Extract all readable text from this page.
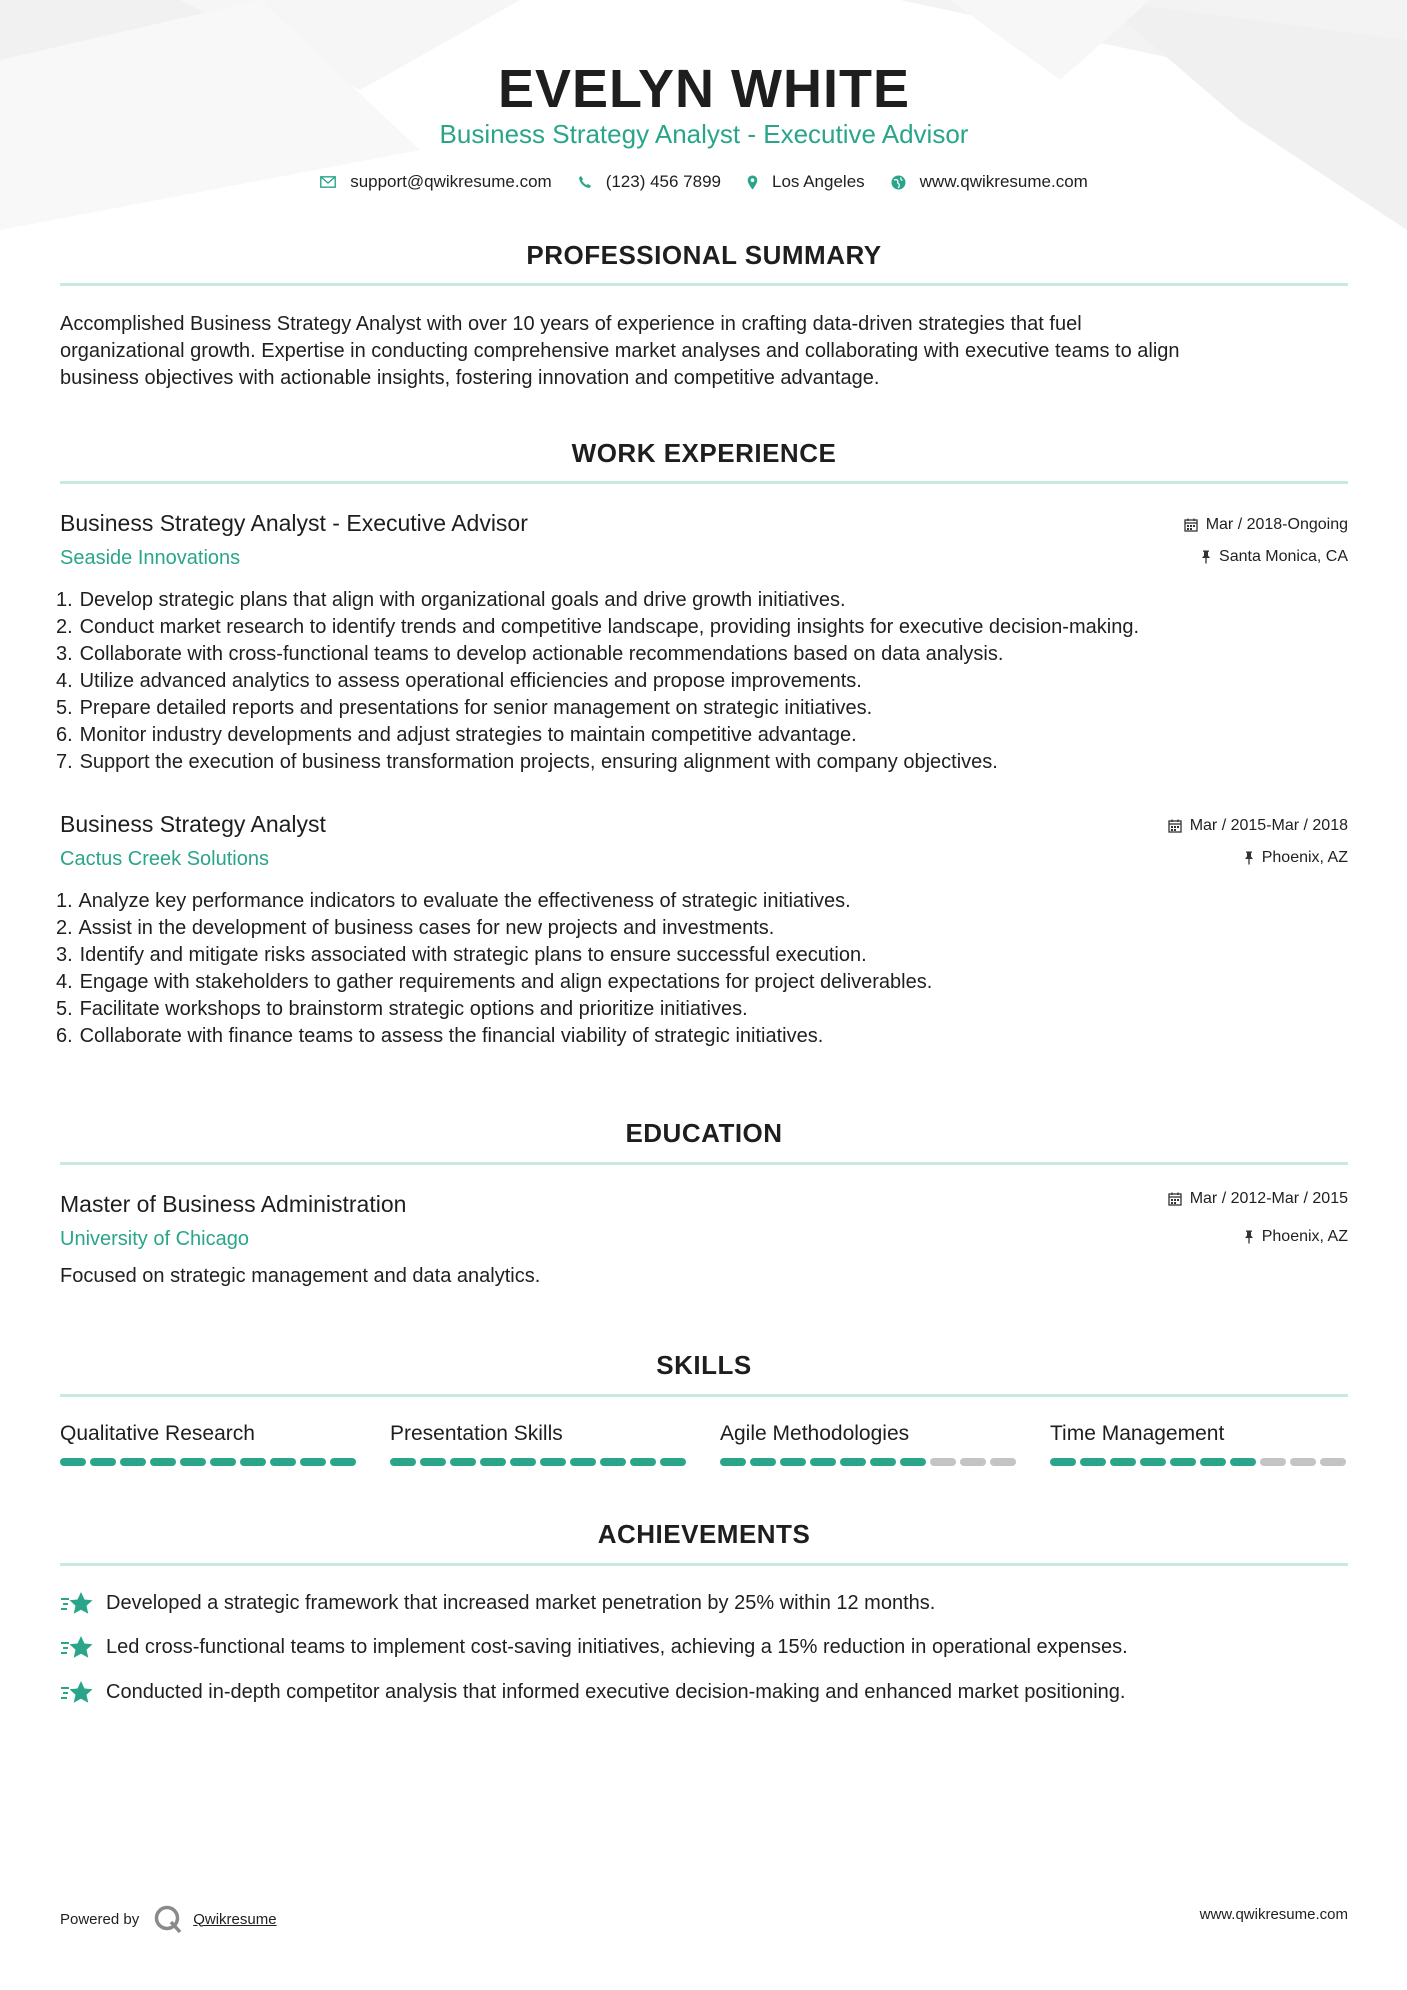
EVELYN WHITE
Business Strategy Analyst - Executive Advisor
support@qwikresume.com	(123) 456 7899	Los Angeles	www.qwikresume.com
PROFESSIONAL SUMMARY
Accomplished Business Strategy Analyst with over 10 years of experience in crafting data-driven strategies that fuel
organizational growth. Expertise in conducting comprehensive market analyses and collaborating with executive teams to align
business objectives with actionable insights, fostering innovation and competitive advantage.
WORK EXPERIENCE
Business Strategy Analyst - Executive Advisor
Seaside Innovations
Mar / 2018-Ongoing
Santa Monica, CA
1. Develop strategic plans that align with organizational goals and drive growth initiatives.
2. Conduct market research to identify trends and competitive landscape, providing insights for executive decision-making.
3. Collaborate with cross-functional teams to develop actionable recommendations based on data analysis.
4. Utilize advanced analytics to assess operational efficiencies and propose improvements.
5. Prepare detailed reports and presentations for senior management on strategic initiatives.
6. Monitor industry developments and adjust strategies to maintain competitive advantage.
7. Support the execution of business transformation projects, ensuring alignment with company objectives.
Business Strategy Analyst
Cactus Creek Solutions
Mar / 2015-Mar / 2018
Phoenix, AZ
1. Analyze key performance indicators to evaluate the effectiveness of strategic initiatives.
2. Assist in the development of business cases for new projects and investments.
3. Identify and mitigate risks associated with strategic plans to ensure successful execution.
4. Engage with stakeholders to gather requirements and align expectations for project deliverables.
5. Facilitate workshops to brainstorm strategic options and prioritize initiatives.
6. Collaborate with finance teams to assess the financial viability of strategic initiatives.
EDUCATION
Master of Business Administration
University of Chicago
Mar / 2012-Mar / 2015
Phoenix, AZ
Focused on strategic management and data analytics.
SKILLS
Qualitative Research	Presentation Skills	Agile Methodologies	Time Management
ACHIEVEMENTS
Developed a strategic framework that increased market penetration by 25% within 12 months.
Led cross-functional teams to implement cost-saving initiatives, achieving a 15% reduction in operational expenses.
Conducted in-depth competitor analysis that informed executive decision-making and enhanced market positioning.
Powered by	Qwikresume	www.qwikresume.com
